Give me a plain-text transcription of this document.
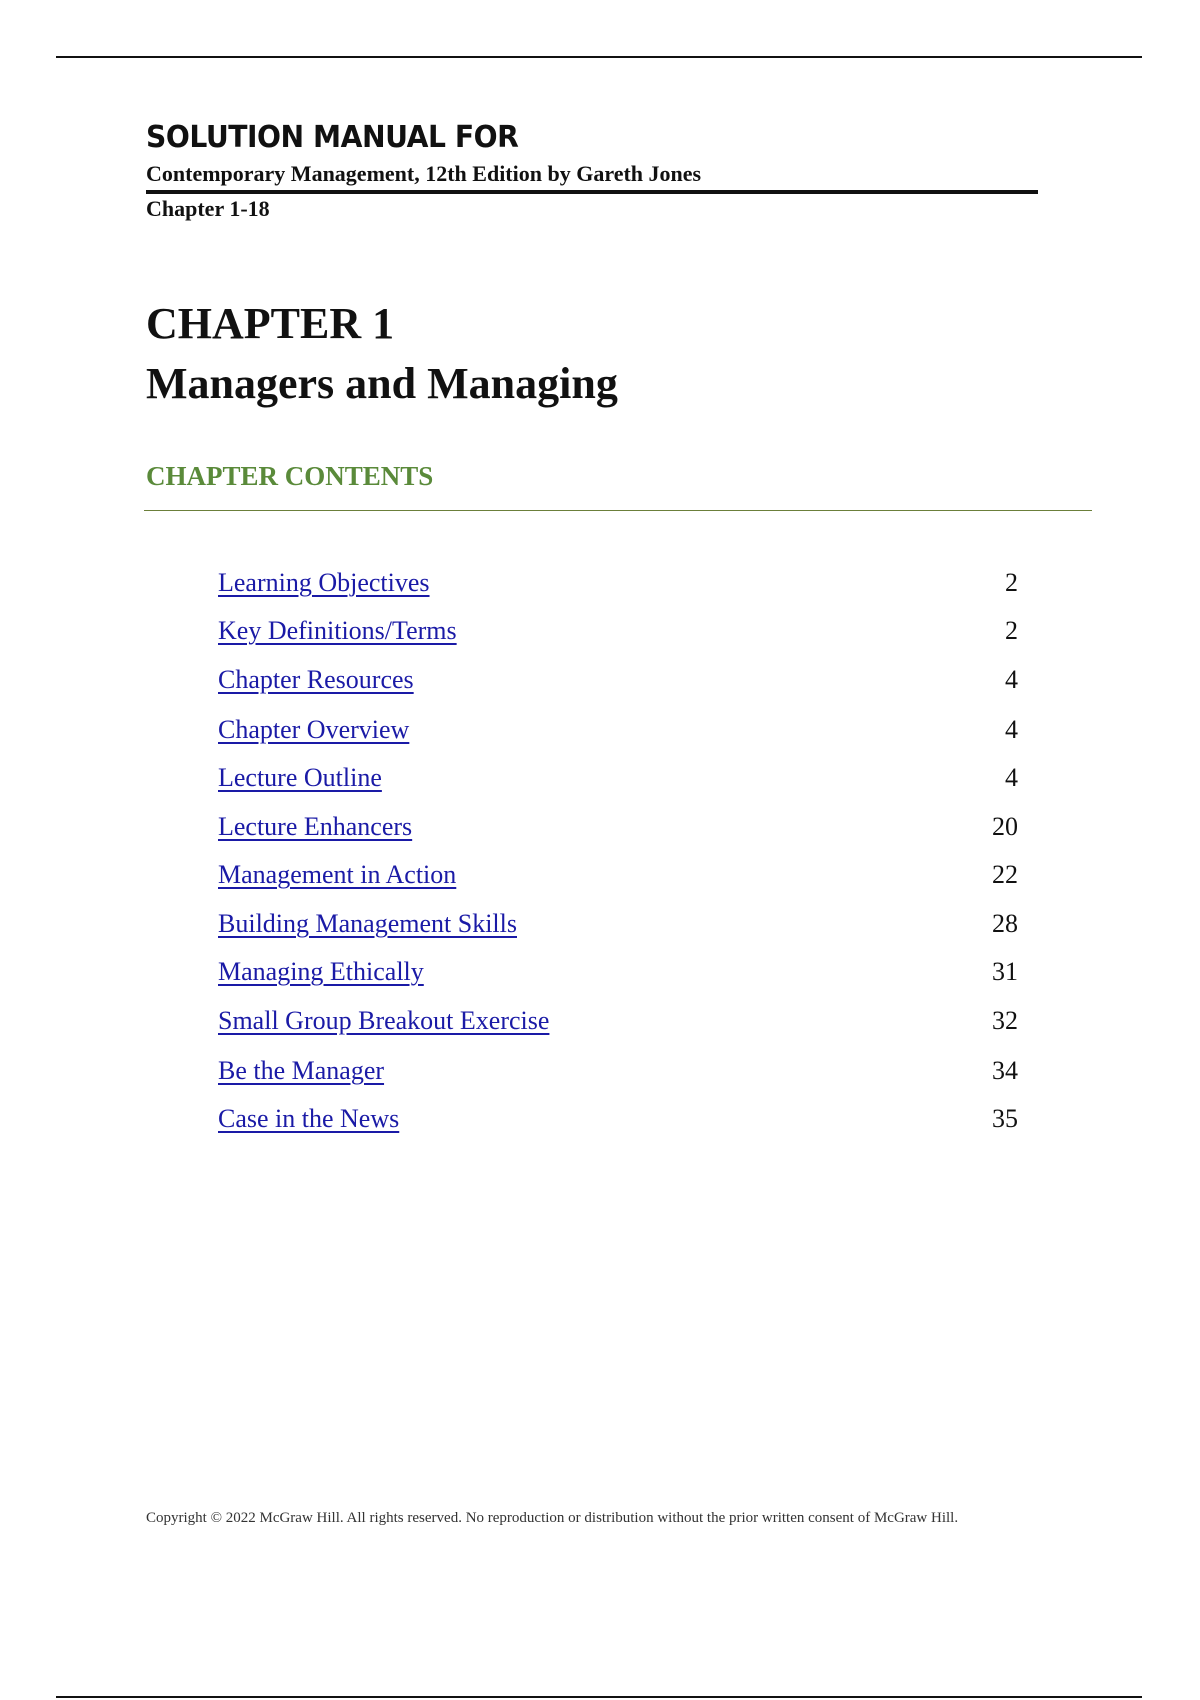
SOLUTION MANUAL FOR
Contemporary Management, 12th Edition by Gareth Jones
Chapter 1-18
CHAPTER 1
Managers and Managing
CHAPTER CONTENTS
Learning Objectives	2
Key Definitions/Terms	2
Chapter Resources	4
Chapter Overview	4
Lecture Outline	4
Lecture Enhancers	20
Management in Action	22
Building Management Skills	28
Managing Ethically	31
Small Group Breakout Exercise	32
Be the Manager	34
Case in the News	35
Copyright © 2022 McGraw Hill. All rights reserved. No reproduction or distribution without the prior written consent of McGraw Hill.
